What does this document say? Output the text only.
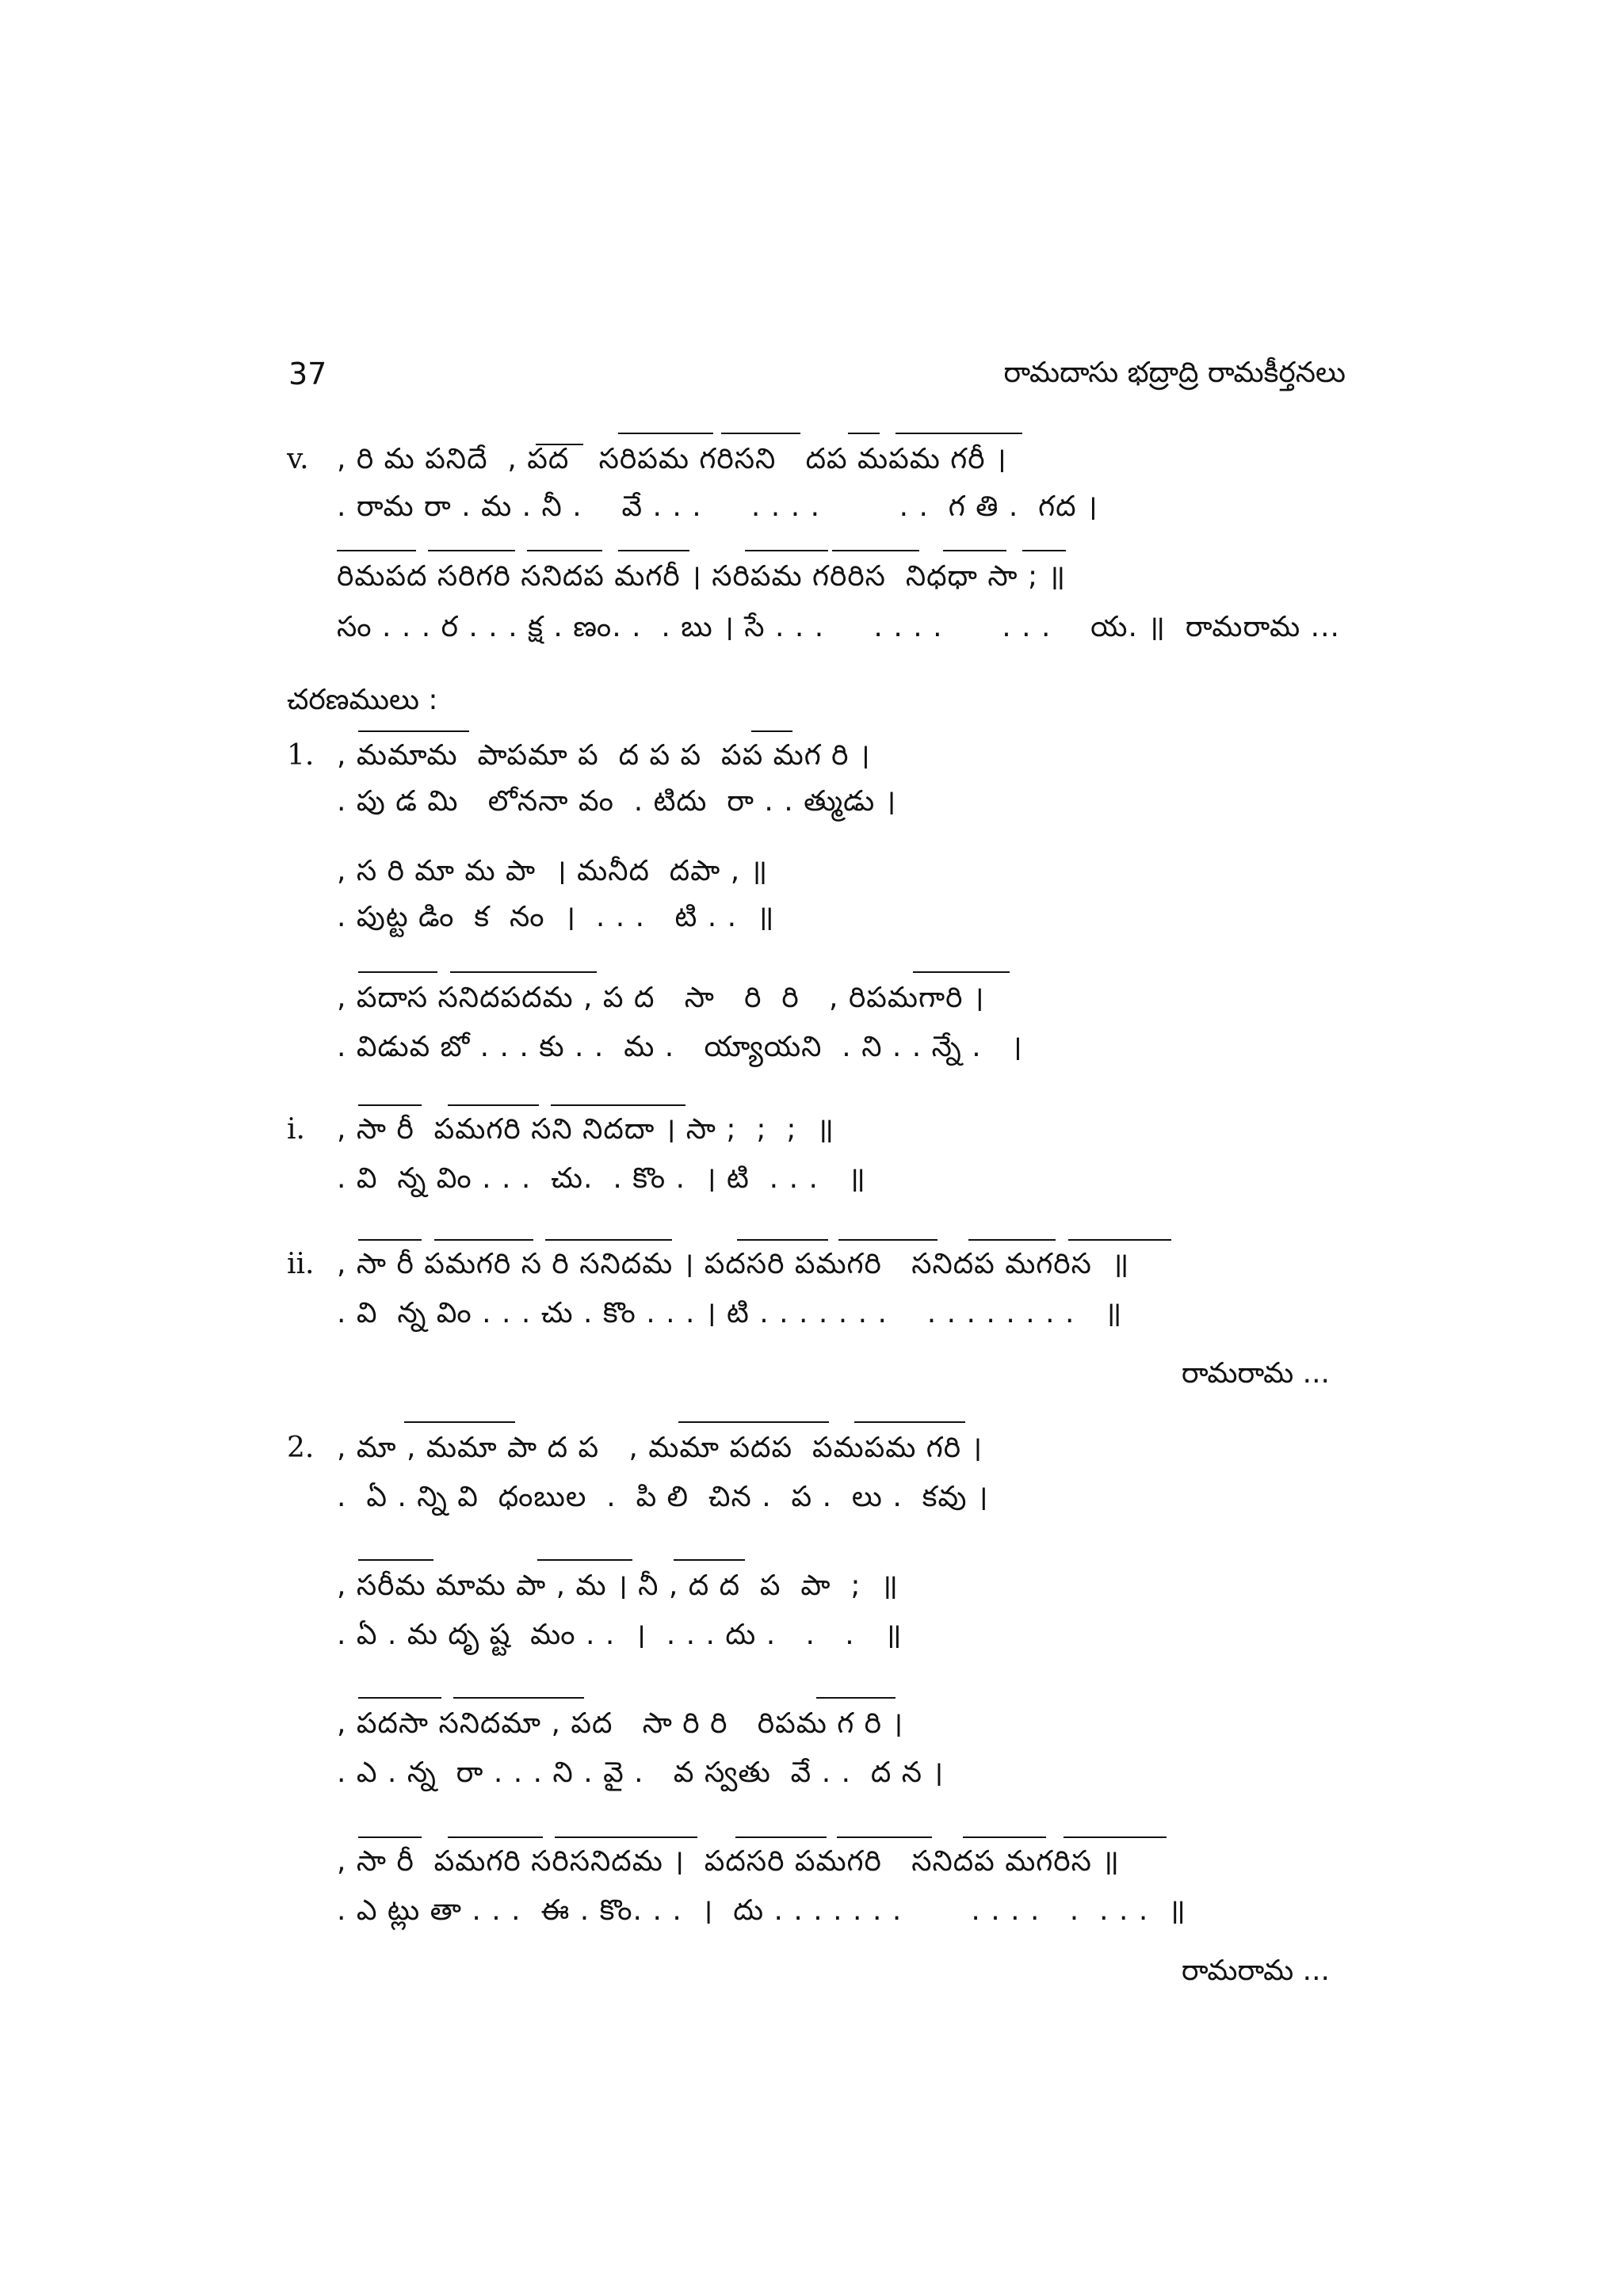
37	రామదాసు భద్రాద్రి రామకీర్తనలు
v. , రి మ పనిదే  , పద   సరిపమ గరిసని   దప మపమ గరీ ।
. రామ రా . మ . నీ .    వే . . .     . . . .        . .  గ తి .  గద ।
రిమపద సరిగరి సనిదప మగరీ । సరిపమ గరిరిస  నిధధా సా ; ॥
సం . . . ర . . . క్ష . ణం. .  . బు । సే . . .     . . . .      . . .    య. ॥  రామరామ ...
చరణములు :
1. , మమామ  పాపమా ప  ద ప ప  పప మగ రి ।
. పు డ మి   లోననా వం  . టిదు  రా . . త్ముడు ।
, స రి మా మ పా  । మనీద  దపా , ॥
. పుట్ట డిం  క  నం  ।  . . .   టి . .  ॥
, పదాస సనిదపదమ , ప ద   సా   రి  రి   , రిపమగారి ।
. విడువ బో . . . కు . .  మ .   య్యాయని  . ని . . న్నే .   ।
i. , సా రీ  పమగరి సని నిదదా । సా ;  ;  ;  ॥
. వి  న్న విం . . .  చు.  . కొం .  । టి  . . .   ॥
ii. , సా రీ పమగరి స రి సనిదమ । పదసరి పమగరి   సనిదప మగరిస  ॥
. వి  న్న విం . . . చు . కొం . . . । టి . . . . . . .    . . . . . . . .   ॥
రామరామ ...
2. , మా , మమా పా ద ప   , మమా పదప  పమపమ గరి ।
.  ఏ . న్ని వి  ధంబుల  .  పి లి  చిన .  ప .  లు .  కవు ।
, సరీమ మామ పా , మ । నీ , ద ద  ప  పా  ;  ॥
. ఏ . మ దృ ష్ట  మం . .  ।  . . . దు .   .   .   ॥
, పదసా సనిదమా , పద   సా రి రి   రిపమ గ రి ।
. ఎ . న్న  రా . . . ని . వై .   వ స్వతు  వే . .  ద న ।
, సా రీ  పమగరి సరిసనిదమ ।  పదసరి పమగరి   సనిదప మగరిస ॥
. ఎ ట్లు తా . . .  ఈ . కొం. . .  ।  దు . . . . . . .       . . . .   .  . . .  ॥
రామరామ ...
